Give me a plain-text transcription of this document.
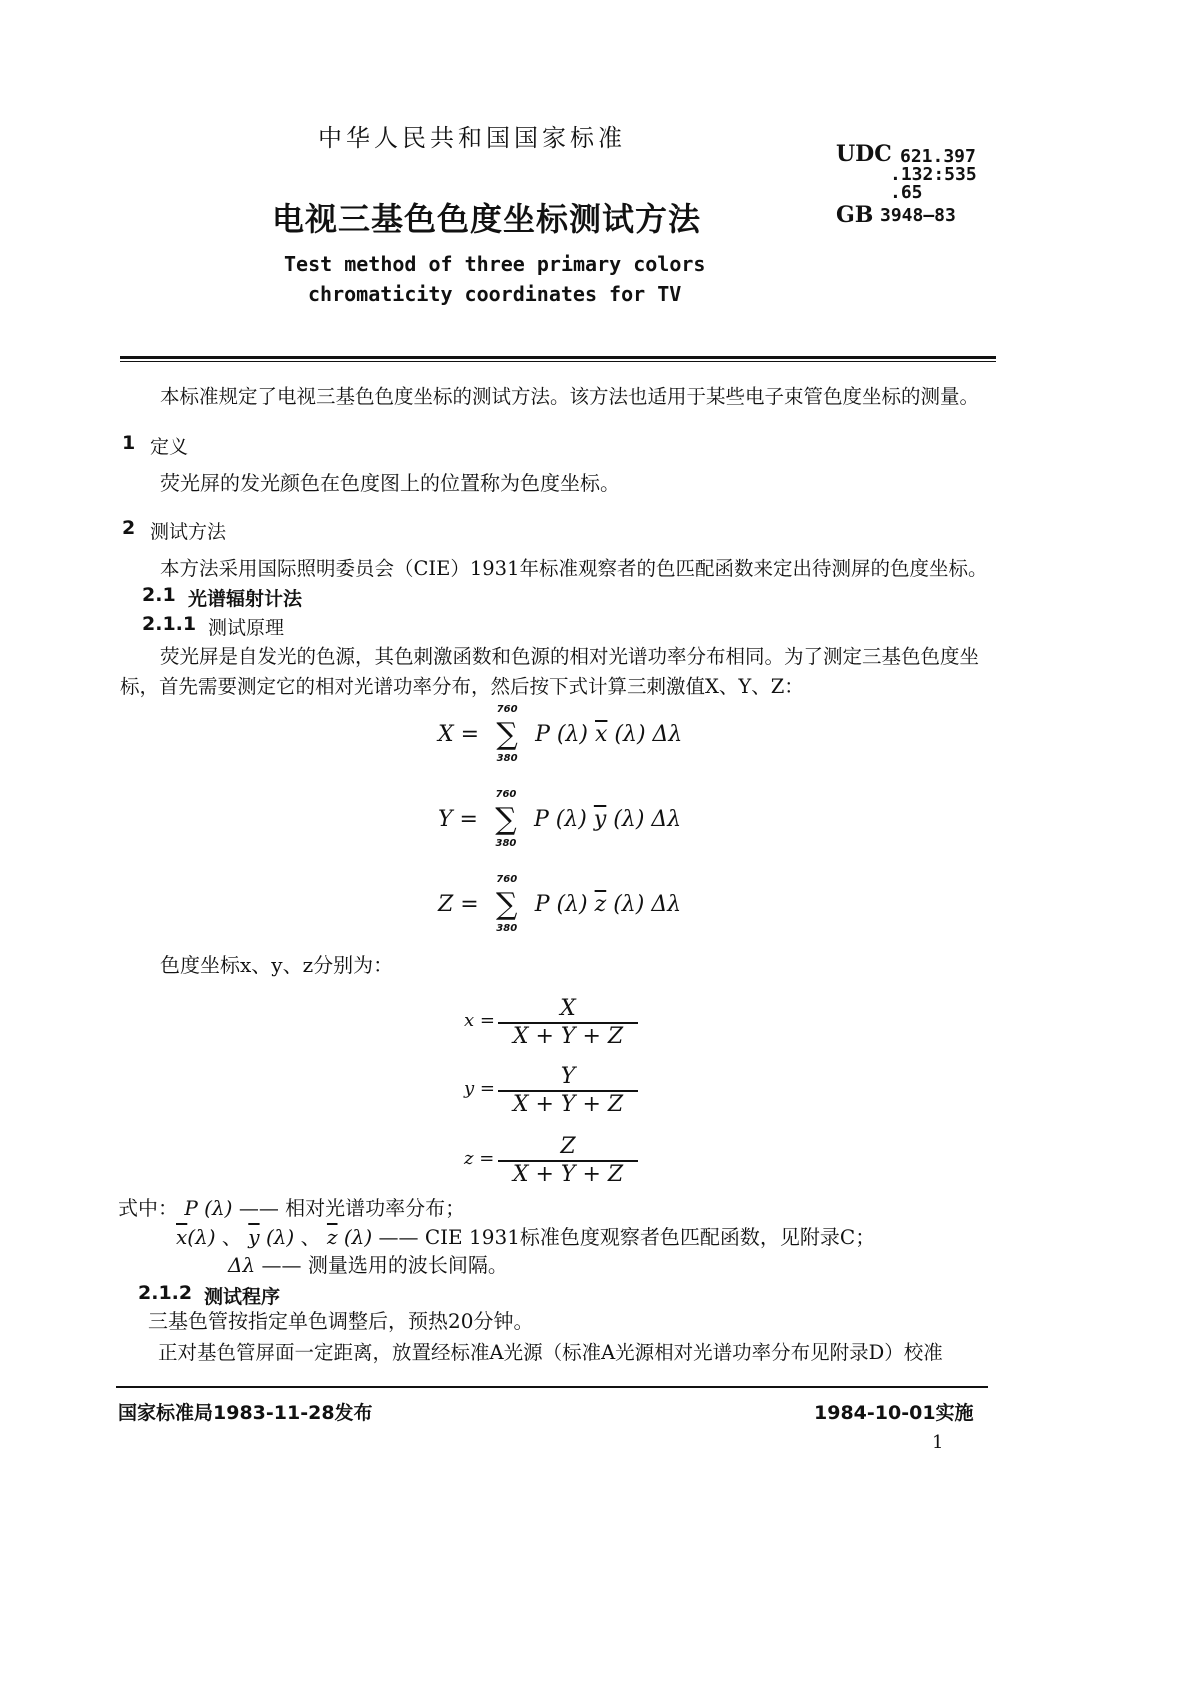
中华人民共和国国家标准
电视三基色色度坐标测试方法
Test method of three primary colors
chromaticity coordinates for TV
UDC 621.397
.132:535
.65
GB 3948—83
本标准规定了电视三基色色度坐标的测试方法。该方法也适用于某些电子束管色度坐标的测量。
1 定义
荧光屏的发光颜色在色度图上的位置称为色度坐标。
2 测试方法
本方法采用国际照明委员会（CIE）1931年标准观察者的色匹配函数来定出待测屏的色度坐标。
2.1 光谱辐射计法
2.1.1 测试原理
荧光屏是自发光的色源，其色刺激函数和色源的相对光谱功率分布相同。为了测定三基色色度坐
标，首先需要测定它的相对光谱功率分布，然后按下式计算三刺激值X、Y、Z：
X =
760
∑
380
P (λ) $\overline{x}$ (λ) Δλ
Y =
760
∑
380
P (λ) $\overline{y}$ (λ) Δλ
Z =
760
∑
380
P (λ) $\overline{z}$ (λ) Δλ
色度坐标x、y、z分别为：
x =	X
X + Y + Z
y =	Y
X + Y + Z
z =	Z
X + Y + Z
式中： P (λ) —— 相对光谱功率分布；
$\overline{x}(\lambda)$ 、 $\overline{y}$ (λ) 、 $\overline{z}$ (λ) —— CIE 1931标准色度观察者色匹配函数，见附录C；
Δλ —— 测量选用的波长间隔。
2.1.2 测试程序
三基色管按指定单色调整后，预热20分钟。
正对基色管屏面一定距离，放置经标准A光源（标准A光源相对光谱功率分布见附录D）校准
国家标准局1983-11-28发布	1984-10-01实施
1
